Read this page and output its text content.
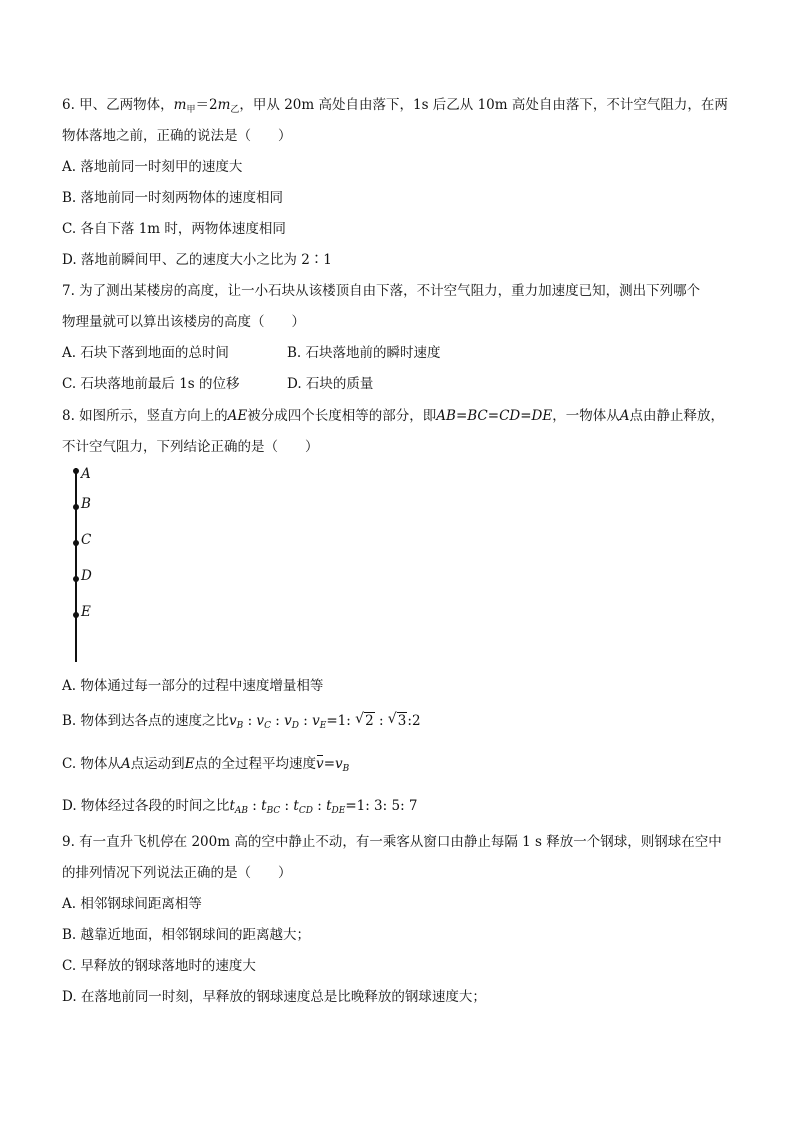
6. 甲、乙两物体，$m_甲=2m_乙$，甲从 20m 高处自由落下，1s 后乙从 10m 高处自由落下，不计空气阻力，在两
物体落地之前，正确的说法是（　　）
A. 落地前同一时刻甲的速度大
B. 落地前同一时刻两物体的速度相同
C. 各自下落 1m 时，两物体速度相同
D. 落地前瞬间甲、乙的速度大小之比为 2∶1
7. 为了测出某楼房的高度，让一小石块从该楼顶自由下落，不计空气阻力，重力加速度已知，测出下列哪个
物理量就可以算出该楼房的高度（　　）
A. 石块下落到地面的总时间	B. 石块落地前的瞬时速度
C. 石块落地前最后 1s 的位移	D. 石块的质量
8. 如图所示，竖直方向上的AE被分成四个长度相等的部分，即AB=BC=CD=DE，一物体从A点由静止释放，
不计空气阻力，下列结论正确的是（　　）
A
B
C
D
E
A. 物体通过每一部分的过程中速度增量相等
B. 物体到达各点的速度之比$v_B$ : $v_C$ : $v_D$ : $v_E=1$: √ 2 : √ 3:2
C. 物体从A点运动到E点的全过程平均速度$v=v_B$
D. 物体经过各段的时间之比$t_{AB}$ : $t_{BC}$ : $t_{CD}$ : $t_{DE}=1$: 3: 5: 7
9. 有一直升飞机停在 200m 高的空中静止不动，有一乘客从窗口由静止每隔 1 s 释放一个钢球，则钢球在空中
的排列情况下列说法正确的是（　　）
A. 相邻钢球间距离相等
B. 越靠近地面，相邻钢球间的距离越大；
C. 早释放的钢球落地时的速度大
D. 在落地前同一时刻，早释放的钢球速度总是比晚释放的钢球速度大；
